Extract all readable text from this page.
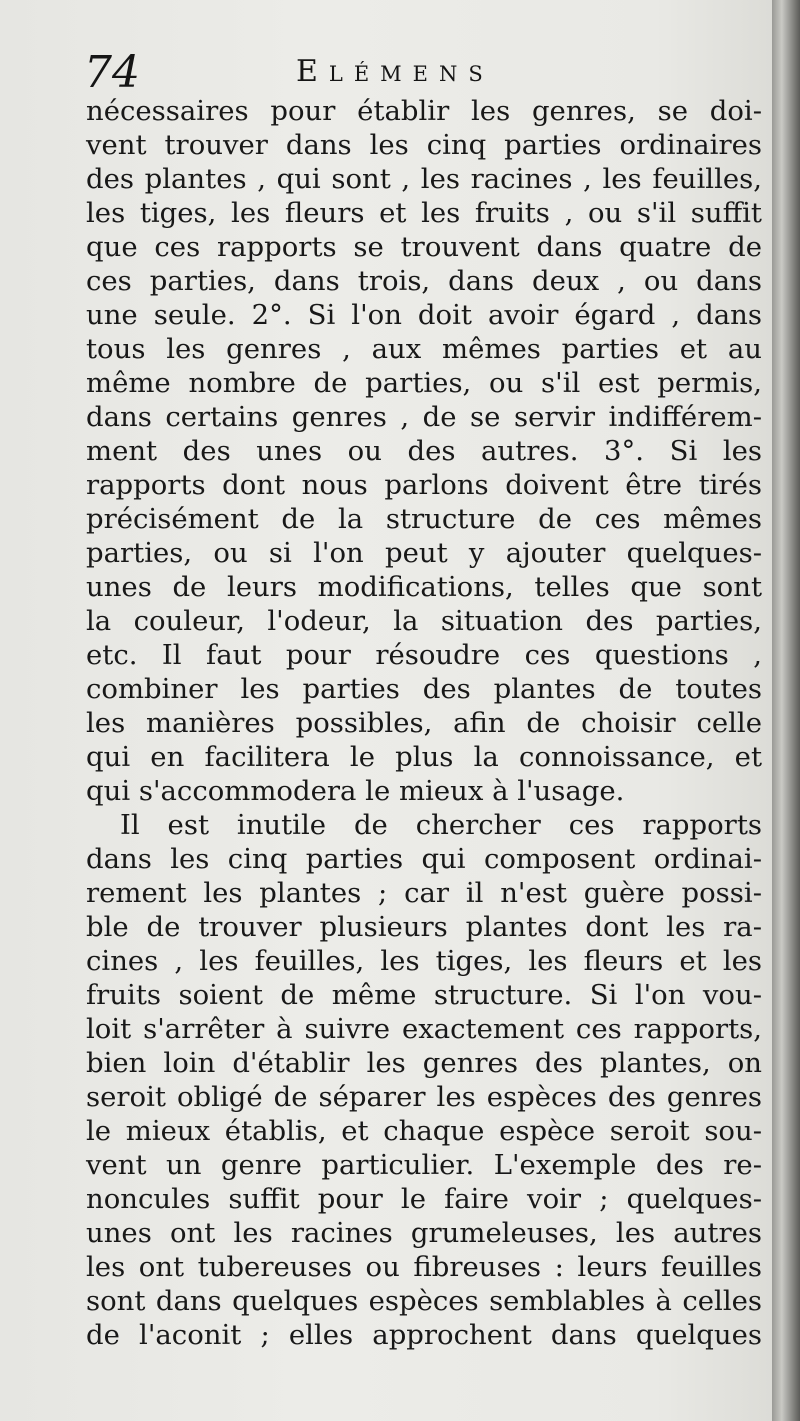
74	Elémens
nécessaires pour établir les genres, se doi-
vent trouver dans les cinq parties ordinaires
des plantes , qui sont , les racines , les feuilles,
les tiges, les fleurs et les fruits , ou s'il suffit
que ces rapports se trouvent dans quatre de
ces parties, dans trois, dans deux , ou dans
une seule. 2°. Si l'on doit avoir égard , dans
tous les genres , aux mêmes parties et au
même nombre de parties, ou s'il est permis,
dans certains genres , de se servir indifférem-
ment des unes ou des autres. 3°. Si les
rapports dont nous parlons doivent être tirés
précisément de la structure de ces mêmes
parties, ou si l'on peut y ajouter quelques-
unes de leurs modifications, telles que sont
la couleur, l'odeur, la situation des parties,
etc. Il faut pour résoudre ces questions ,
combiner les parties des plantes de toutes
les manières possibles, afin de choisir celle
qui en facilitera le plus la connoissance, et
qui s'accommodera le mieux à l'usage.
Il est inutile de chercher ces rapports
dans les cinq parties qui composent ordinai-
rement les plantes ; car il n'est guère possi-
ble de trouver plusieurs plantes dont les ra-
cines , les feuilles, les tiges, les fleurs et les
fruits soient de même structure. Si l'on vou-
loit s'arrêter à suivre exactement ces rapports,
bien loin d'établir les genres des plantes, on
seroit obligé de séparer les espèces des genres
le mieux établis, et chaque espèce seroit sou-
vent un genre particulier. L'exemple des re-
noncules suffit pour le faire voir ; quelques-
unes ont les racines grumeleuses, les autres
les ont tubereuses ou fibreuses : leurs feuilles
sont dans quelques espèces semblables à celles
de l'aconit ; elles approchent dans quelques
